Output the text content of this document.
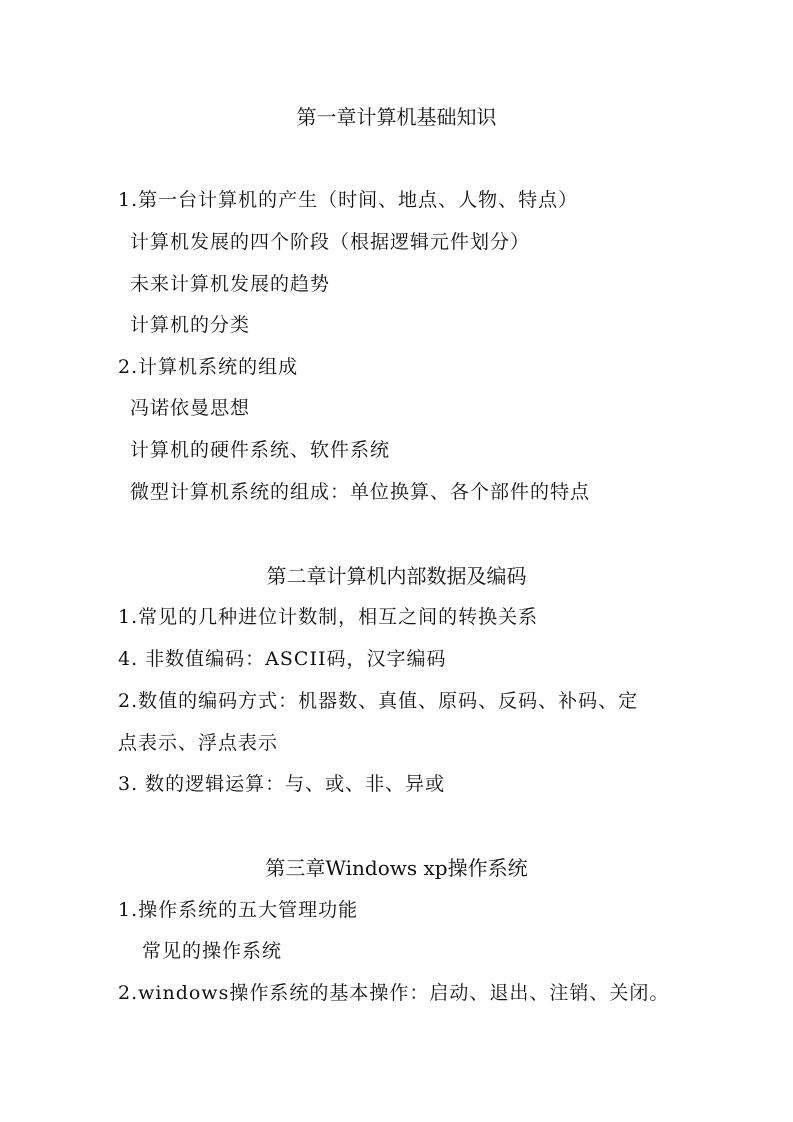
第一章计算机基础知识
1.第一台计算机的产生（时间、地点、人物、特点）
计算机发展的四个阶段（根据逻辑元件划分）
未来计算机发展的趋势
计算机的分类
2.计算机系统的组成
冯诺依曼思想
计算机的硬件系统、软件系统
微型计算机系统的组成：单位换算、各个部件的特点
第二章计算机内部数据及编码
1.常见的几种进位计数制，相互之间的转换关系
4. 非数值编码：ASCII码，汉字编码
2.数值的编码方式：机器数、真值、原码、反码、补码、定
点表示、浮点表示
3. 数的逻辑运算：与、或、非、异或
第三章Windows xp操作系统
1.操作系统的五大管理功能
常见的操作系统
2.windows操作系统的基本操作：启动、退出、注销、关闭。
